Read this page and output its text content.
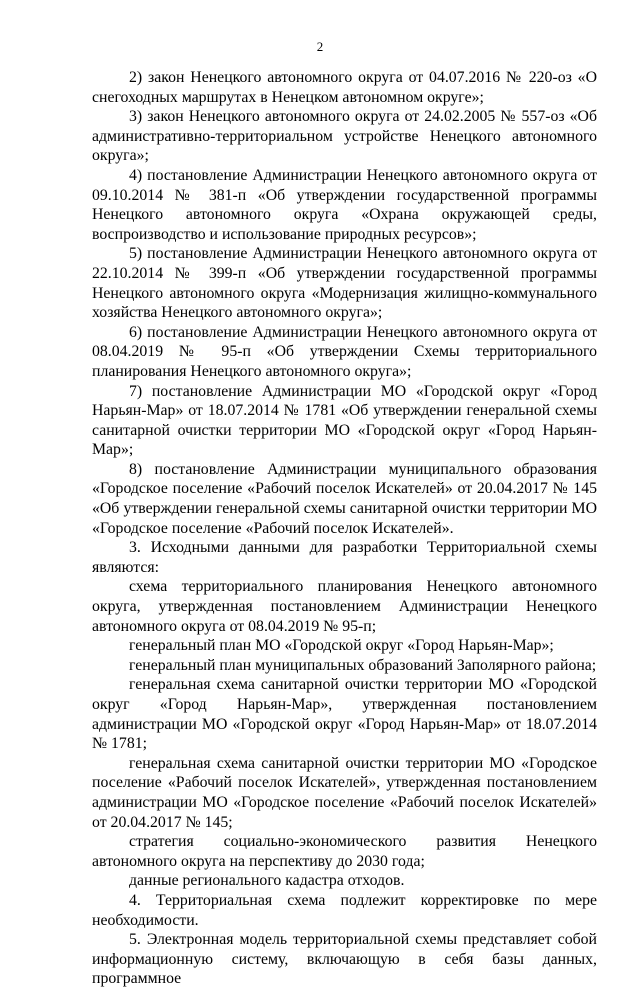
2

2) закон Ненецкого автономного округа от 04.07.2016 № 220-оз «О снегоходных маршрутах в Ненецком автономном округе»;

3) закон Ненецкого автономного округа от 24.02.2005 № 557-оз «Об административно-территориальном устройстве Ненецкого автономного округа»;

4) постановление Администрации Ненецкого автономного округа от 09.10.2014 № 381-п «Об утверждении государственной программы Ненецкого автономного округа «Охрана окружающей среды, воспроизводство и использование природных ресурсов»;

5) постановление Администрации Ненецкого автономного округа от 22.10.2014 № 399-п «Об утверждении государственной программы Ненецкого автономного округа «Модернизация жилищно-коммунального хозяйства Ненецкого автономного округа»;

6) постановление Администрации Ненецкого автономного округа от 08.04.2019 № 95-п «Об утверждении Схемы территориального планирования Ненецкого автономного округа»;

7) постановление Администрации МО «Городской округ «Город Нарьян-Мар» от 18.07.2014 № 1781 «Об утверждении генеральной схемы санитарной очистки территории МО «Городской округ «Город Нарьян-Мар»;

8) постановление Администрации муниципального образования «Городское поселение «Рабочий поселок Искателей» от 20.04.2017 № 145 «Об утверждении генеральной схемы санитарной очистки территории МО «Городское поселение «Рабочий поселок Искателей».

3. Исходными данными для разработки Территориальной схемы являются:

схема территориального планирования Ненецкого автономного округа, утвержденная постановлением Администрации Ненецкого автономного округа от 08.04.2019 № 95-п;

генеральный план МО «Городской округ «Город Нарьян-Мар»;

генеральный план муниципальных образований Заполярного района;

генеральная схема санитарной очистки территории МО «Городской округ «Город Нарьян-Мар», утвержденная постановлением администрации МО «Городской округ «Город Нарьян-Мар» от 18.07.2014 № 1781;

генеральная схема санитарной очистки территории МО «Городское поселение «Рабочий поселок Искателей», утвержденная постановлением администрации МО «Городское поселение «Рабочий поселок Искателей» от 20.04.2017 № 145;

стратегия социально-экономического развития Ненецкого автономного округа на перспективу до 2030 года;

данные регионального кадастра отходов.

4. Территориальная схема подлежит корректировке по мере необходимости.

5. Электронная модель территориальной схемы представляет собой информационную систему, включающую в себя базы данных, программное
